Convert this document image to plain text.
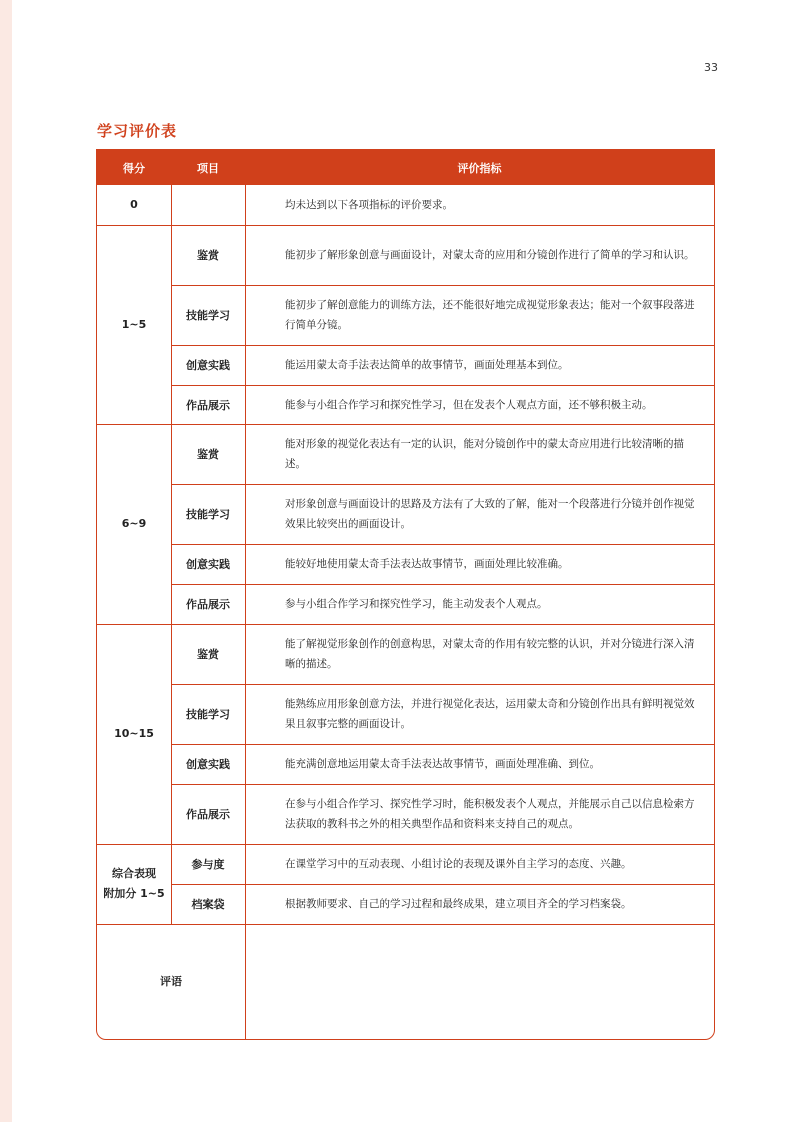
33
学习评价表
得分	项目	评价指标
0
1~5
6~9
10~15
综合表现
附加分 1~5
评语
鉴赏
技能学习
创意实践
作品展示
鉴赏
技能学习
创意实践
作品展示
鉴赏
技能学习
创意实践
作品展示
参与度
档案袋
均未达到以下各项指标的评价要求。
能初步了解形象创意与画面设计，对蒙太奇的应用和分镜创作进行了简单的学习和认识。
能初步了解创意能力的训练方法，还不能很好地完成视觉形象表达；能对一个叙事段落进行简单分镜。
能运用蒙太奇手法表达简单的故事情节，画面处理基本到位。
能参与小组合作学习和探究性学习，但在发表个人观点方面，还不够积极主动。
能对形象的视觉化表达有一定的认识，能对分镜创作中的蒙太奇应用进行比较清晰的描述。
对形象创意与画面设计的思路及方法有了大致的了解，能对一个段落进行分镜并创作视觉效果比较突出的画面设计。
能较好地使用蒙太奇手法表达故事情节，画面处理比较准确。
参与小组合作学习和探究性学习，能主动发表个人观点。
能了解视觉形象创作的创意构思，对蒙太奇的作用有较完整的认识，并对分镜进行深入清晰的描述。
能熟练应用形象创意方法，并进行视觉化表达，运用蒙太奇和分镜创作出具有鲜明视觉效果且叙事完整的画面设计。
能充满创意地运用蒙太奇手法表达故事情节，画面处理准确、到位。
在参与小组合作学习、探究性学习时，能积极发表个人观点，并能展示自己以信息检索方法获取的教科书之外的相关典型作品和资料来支持自己的观点。
在课堂学习中的互动表现、小组讨论的表现及课外自主学习的态度、兴趣。
根据教师要求、自己的学习过程和最终成果，建立项目齐全的学习档案袋。
